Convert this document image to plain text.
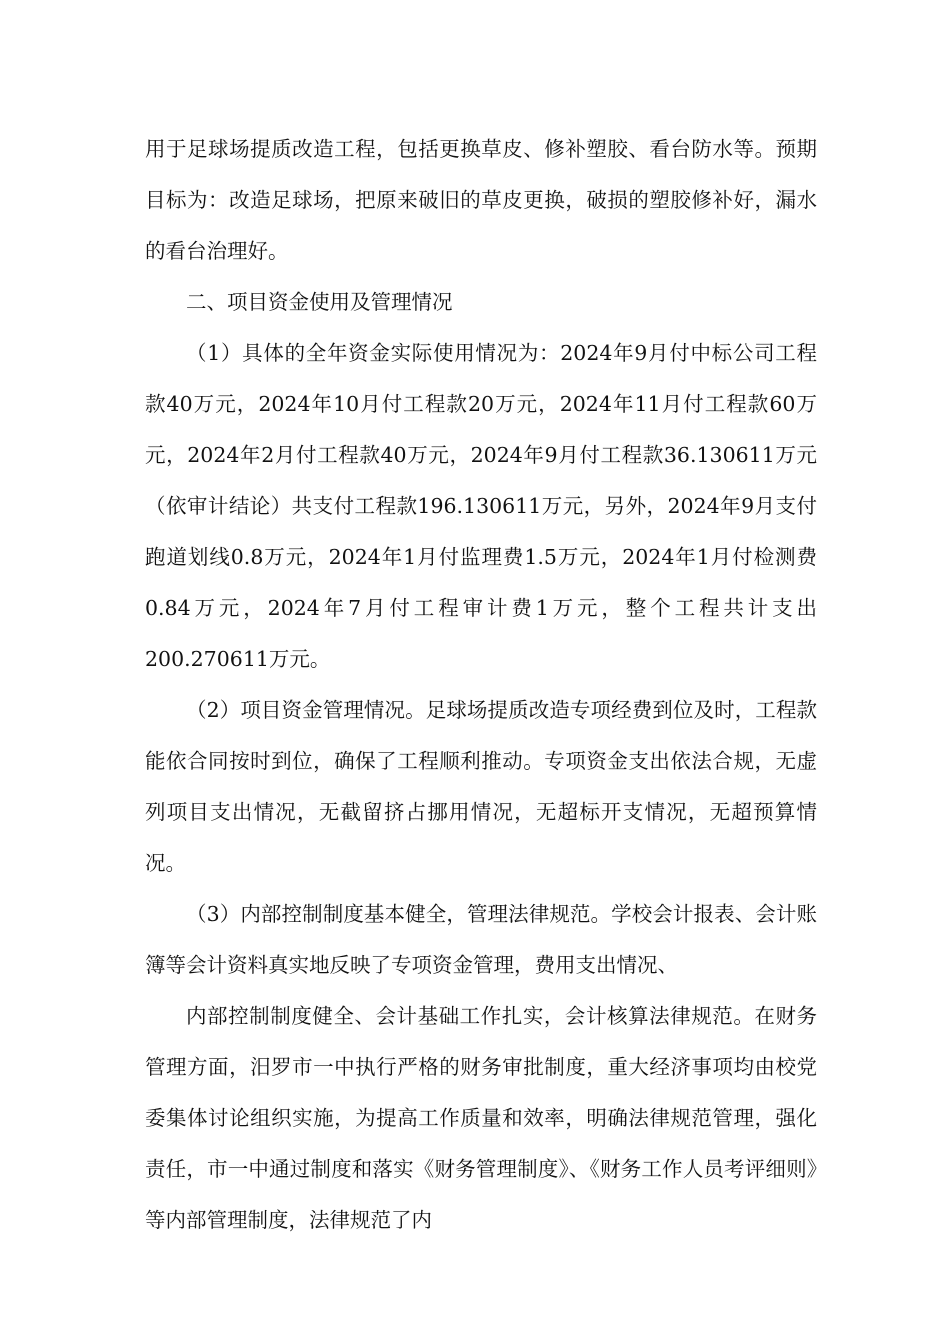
用于足球场提质改造工程，包括更换草皮、修补塑胶、看台防水等。预期目标为：改造足球场，把原来破旧的草皮更换，破损的塑胶修补好，漏水的看台治理好。

二、项目资金使用及管理情况

（1）具体的全年资金实际使用情况为：2024年9月付中标公司工程款40万元，2024年10月付工程款20万元，2024年11月付工程款60万元，2024年2月付工程款40万元，2024年9月付工程款36.130611万元（依审计结论）共支付工程款196.130611万元，另外，2024年9月支付跑道划线0.8万元，2024年1月付监理费1.5万元，2024年1月付检测费0.84万元，2024年7月付工程审计费1万元，整个工程共计支出200.270611万元。

（2）项目资金管理情况。足球场提质改造专项经费到位及时，工程款能依合同按时到位，确保了工程顺利推动。专项资金支出依法合规，无虚列项目支出情况，无截留挤占挪用情况，无超标开支情况，无超预算情况。

（3）内部控制制度基本健全，管理法律规范。学校会计报表、会计账簿等会计资料真实地反映了专项资金管理，费用支出情况、

内部控制制度健全、会计基础工作扎实，会计核算法律规范。在财务管理方面，汨罗市一中执行严格的财务审批制度，重大经济事项均由校党委集体讨论组织实施，为提高工作质量和效率，明确法律规范管理，强化责任，市一中通过制度和落实《财务管理制度》、《财务工作人员考评细则》等内部管理制度，法律规范了内
